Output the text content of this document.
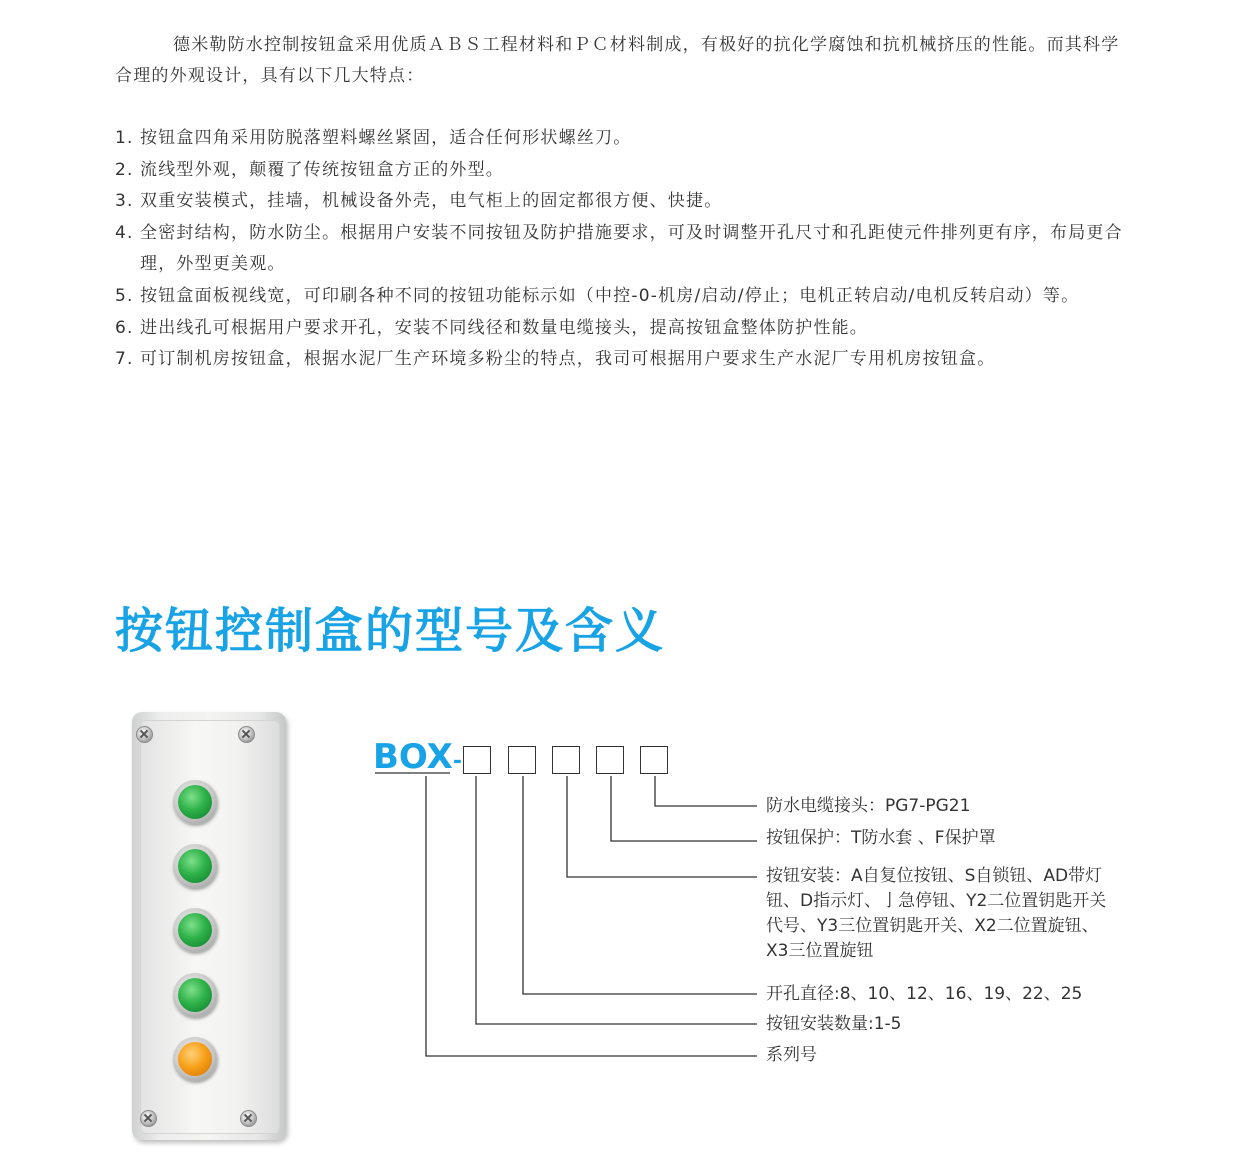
德米勒防水控制按钮盒采用优质ＡＢＳ工程材料和ＰＣ材料制成，有极好的抗化学腐蚀和抗机械挤压的性能。而其科学合理的外观设计，具有以下几大特点：

1. 按钮盒四角采用防脱落塑料螺丝紧固，适合任何形状螺丝刀。
2. 流线型外观，颠覆了传统按钮盒方正的外型。
3. 双重安装模式，挂墙，机械设备外壳，电气柜上的固定都很方便、快捷。
4. 全密封结构，防水防尘。根据用户安装不同按钮及防护措施要求，可及时调整开孔尺寸和孔距使元件排列更有序，布局更合理，外型更美观。
5. 按钮盒面板视线宽，可印刷各种不同的按钮功能标示如（中控-0-机房/启动/停止；电机正转启动/电机反转启动）等。
6. 进出线孔可根据用户要求开孔，安装不同线径和数量电缆接头，提高按钮盒整体防护性能。
7. 可订制机房按钮盒，根据水泥厂生产环境多粉尘的特点，我司可根据用户要求生产水泥厂专用机房按钮盒。
按钮控制盒的型号及含义
BOX-

防水电缆接头：PG7-PG21

按钮保护：T防水套 、F保护罩

按钮安装：A自复位按钮、S自锁钮、AD带灯钮、D指示灯、亅急停钮、Y2二位置钥匙开关代号、Y3三位置钥匙开关、X2二位置旋钮、X3三位置旋钮

开孔直径:8、10、12、16、19、22、25

按钮安装数量:1-5

系列号
